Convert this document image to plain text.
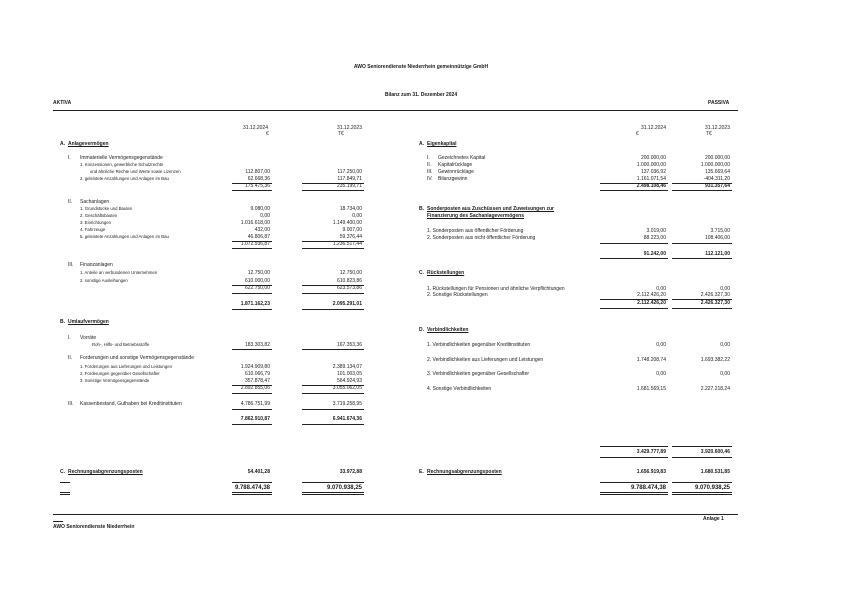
AWO Seniorendienste Niederrhein gemeinnützige GmbH
Bilanz zum 31. Dezember 2024
AKTIVA	PASSIVA
31.12.2024	31.12.2023
€	T€
31.12.2024	31.12.2023
€	T€
A. Anlagevermögen
I. Immaterielle Vermögensgegenstände
1. Konzessionen, gewerbliche Schutzrechte
und ähnliche Rechte und Werte sowie Lizenzen	112.807,00	117.250,00
2. geleistete Anzahlungen und Anlagen im Bau	62.668,36	117.849,71
175.475,36	235.199,71
II. Sachanlagen
1. Grundstücke und Bauten	9.080,00	18.734,00
2. Geschäftsbauten	0,00	0,00
3. Einrichtungen	1.016.618,00	1.149.400,00
4. Fahrzeuge	432,00	9.007,00
5. geleistete Anzahlungen und Anlagen im Bau	46.806,87	59.376,44
1.072.936,87	1.236.517,44
III. Finanzanlagen
1. Anteile an verbundenen Unternehmen	12.750,00	12.750,00
2. sonstige Ausleihungen	610.000,00	610.823,86
622.750,00	623.573,86
1.871.162,23	2.095.291,01
B. Umlaufvermögen
I. Vorräte
Roh-, Hilfs- und Betriebsstoffe	183.303,82	167.353,36
II. Forderungen und sonstige Vermögensgegenstände
1. Forderungen aus Lieferungen und Leistungen	1.924.909,80	2.389.134,07
2. Forderungen gegenüber Gesellschafter	610.066,79	101.003,05
3. Sonstige Vermögensgegenstände	357.878,47	564.924,93
2.892.855,06	3.055.062,05
III. Kassenbestand, Guthaben bei Kreditinstituten	4.786.751,99	3.719.258,95
7.862.910,87	6.941.674,36
C. Rechnungsabgrenzungsposten	54.401,28	33.972,88
9.788.474,38	9.070.938,25
A. Eigenkapital
I. Gezeichnetes Kapital	200.000,00	200.000,00
II. Kapitalrücklage	1.000.000,00	1.000.000,00
III. Gewinnrücklage	137.036,92	135.669,64
IV. Bilanzgewinn	1.161.071,54	-404.311,20
2.498.108,46	931.357,64
B. Sonderposten aus Zuschüssen und Zuweisungen zur
Finanzierung des Sachanlagevermögens
1. Sonderposten aus öffentlicher Förderung	3.019,00	3.715,00
2. Sonderposten aus nicht öffentlicher Förderung	88.223,00	108.406,00
91.242,00	112.121,00
C. Rückstellungen
1. Rückstellungen für Pensionen und ähnliche Verpflichtungen	0,00	0,00
2. Sonstige Rückstellungen	2.112.426,20	2.426.327,30
2.112.426,20	2.426.327,30
D. Verbindlichkeiten
1. Verbindlichkeiten gegenüber Kreditinstituten	0,00	0,00
2. Verbindlichkeiten aus Lieferungen und Leistungen	1.748.208,74	1.693.382,22
3. Verbindlichkeiten gegenüber Gesellschafter	0,00	0,00
4. Sonstige Verbindlichkeiten	1.681.569,15	2.227.218,24
3.429.777,89	3.920.600,46
E. Rechnungsabgrenzungsposten	1.656.919,83	1.680.531,85
9.788.474,38	9.070.938,25
Anlage 1
AWO Seniorendienste Niederrhein
